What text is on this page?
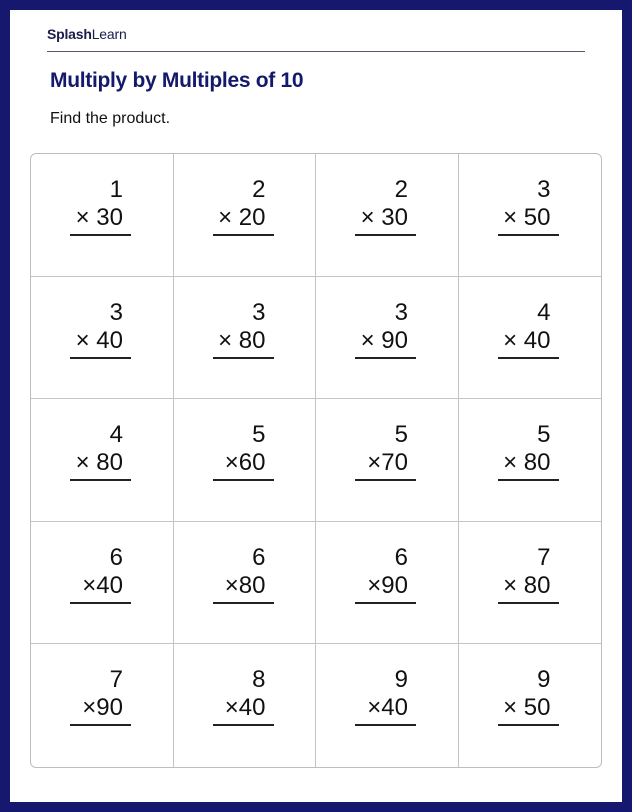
SplashLearn
Multiply by Multiples of 10
Find the product.
1
× 30
2
× 20
2
× 30
3
× 50
3
× 40
3
× 80
3
× 90
4
× 40
4
× 80
5
×60
5
×70
5
× 80
6
×40
6
×80
6
×90
7
× 80
7
×90
8
×40
9
×40
9
× 50
